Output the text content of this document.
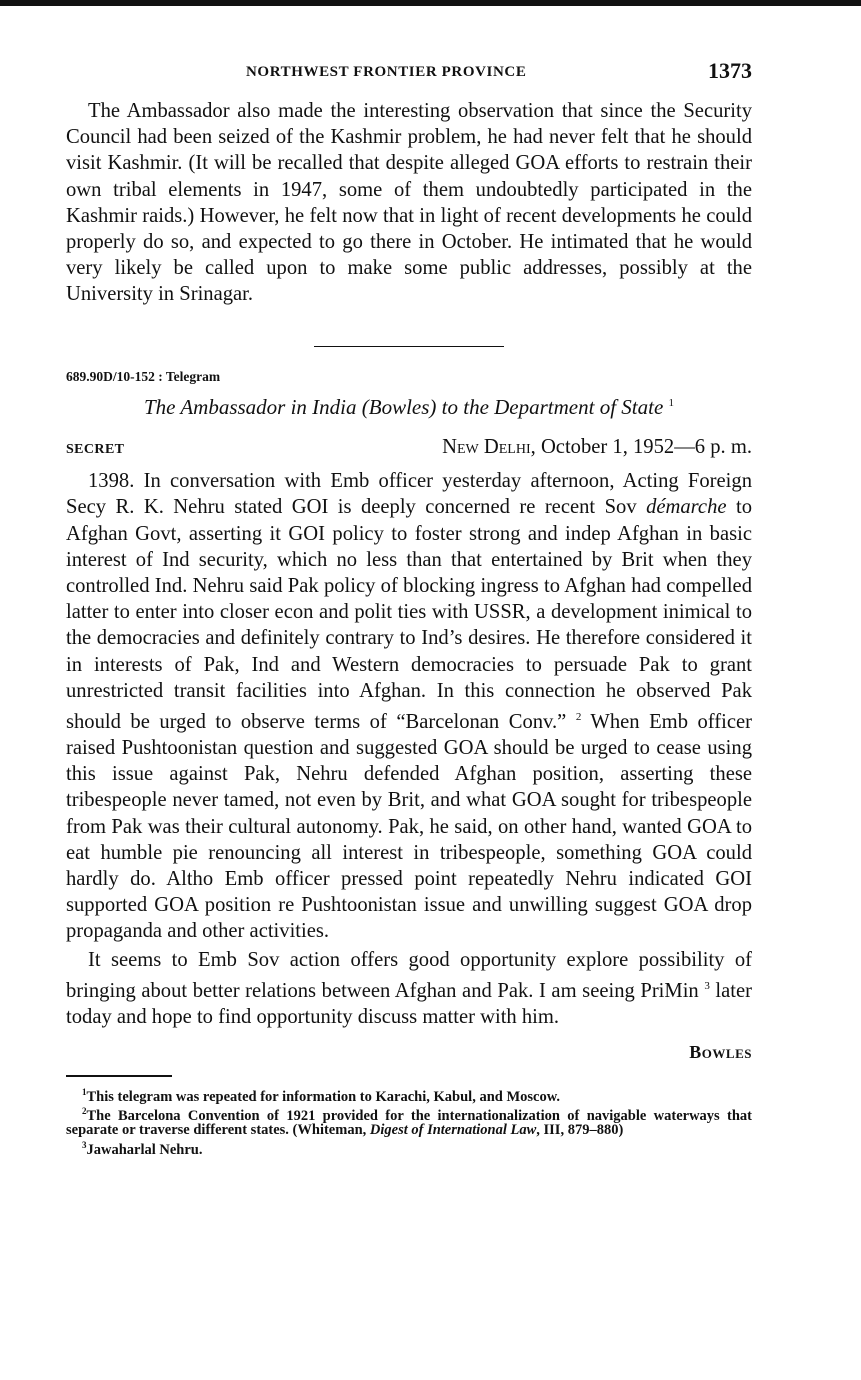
NORTHWEST FRONTIER PROVINCE	1373

The Ambassador also made the interesting observation that since the Security Council had been seized of the Kashmir problem, he had never felt that he should visit Kashmir. (It will be recalled that despite alleged GOA efforts to restrain their own tribal elements in 1947, some of them undoubtedly participated in the Kashmir raids.) However, he felt now that in light of recent developments he could properly do so, and expected to go there in October. He intimated that he would very likely be called upon to make some public addresses, possibly at the University in Srinagar.

689.90D/10-152 : Telegram
The Ambassador in India (Bowles) to the Department of State $^1$
SECRET	New Delhi, October 1, 1952—6 p. m.

1398. In conversation with Emb officer yesterday afternoon, Acting Foreign Secy R. K. Nehru stated GOI is deeply concerned re recent Sov démarche to Afghan Govt, asserting it GOI policy to foster strong and indep Afghan in basic interest of Ind security, which no less than that entertained by Brit when they controlled Ind. Nehru said Pak policy of blocking ingress to Afghan had compelled latter to enter into closer econ and polit ties with USSR, a development inimical to the democracies and definitely contrary to Ind’s desires. He therefore considered it in interests of Pak, Ind and Western democracies to persuade Pak to grant unrestricted transit facilities into Afghan. In this connection he observed Pak should be urged to observe terms of “Barcelonan Conv.” $^2$ When Emb officer raised Pushtoonistan question and suggested GOA should be urged to cease using this issue against Pak, Nehru defended Afghan position, asserting these tribespeople never tamed, not even by Brit, and what GOA sought for tribespeople from Pak was their cultural autonomy. Pak, he said, on other hand, wanted GOA to eat humble pie renouncing all interest in tribespeople, something GOA could hardly do. Altho Emb officer pressed point repeatedly Nehru indicated GOI supported GOA position re Pushtoonistan issue and unwilling suggest GOA drop propaganda and other activities.

It seems to Emb Sov action offers good opportunity explore possibility of bringing about better relations between Afghan and Pak. I am seeing PriMin $^3$ later today and hope to find opportunity discuss matter with him.

Bowles
$^1$This telegram was repeated for information to Karachi, Kabul, and Moscow.
$^2$The Barcelona Convention of 1921 provided for the internationalization of navigable waterways that separate or traverse different states. (Whiteman, Digest of International Law, III, 879–880)
$^3$Jawaharlal Nehru.
